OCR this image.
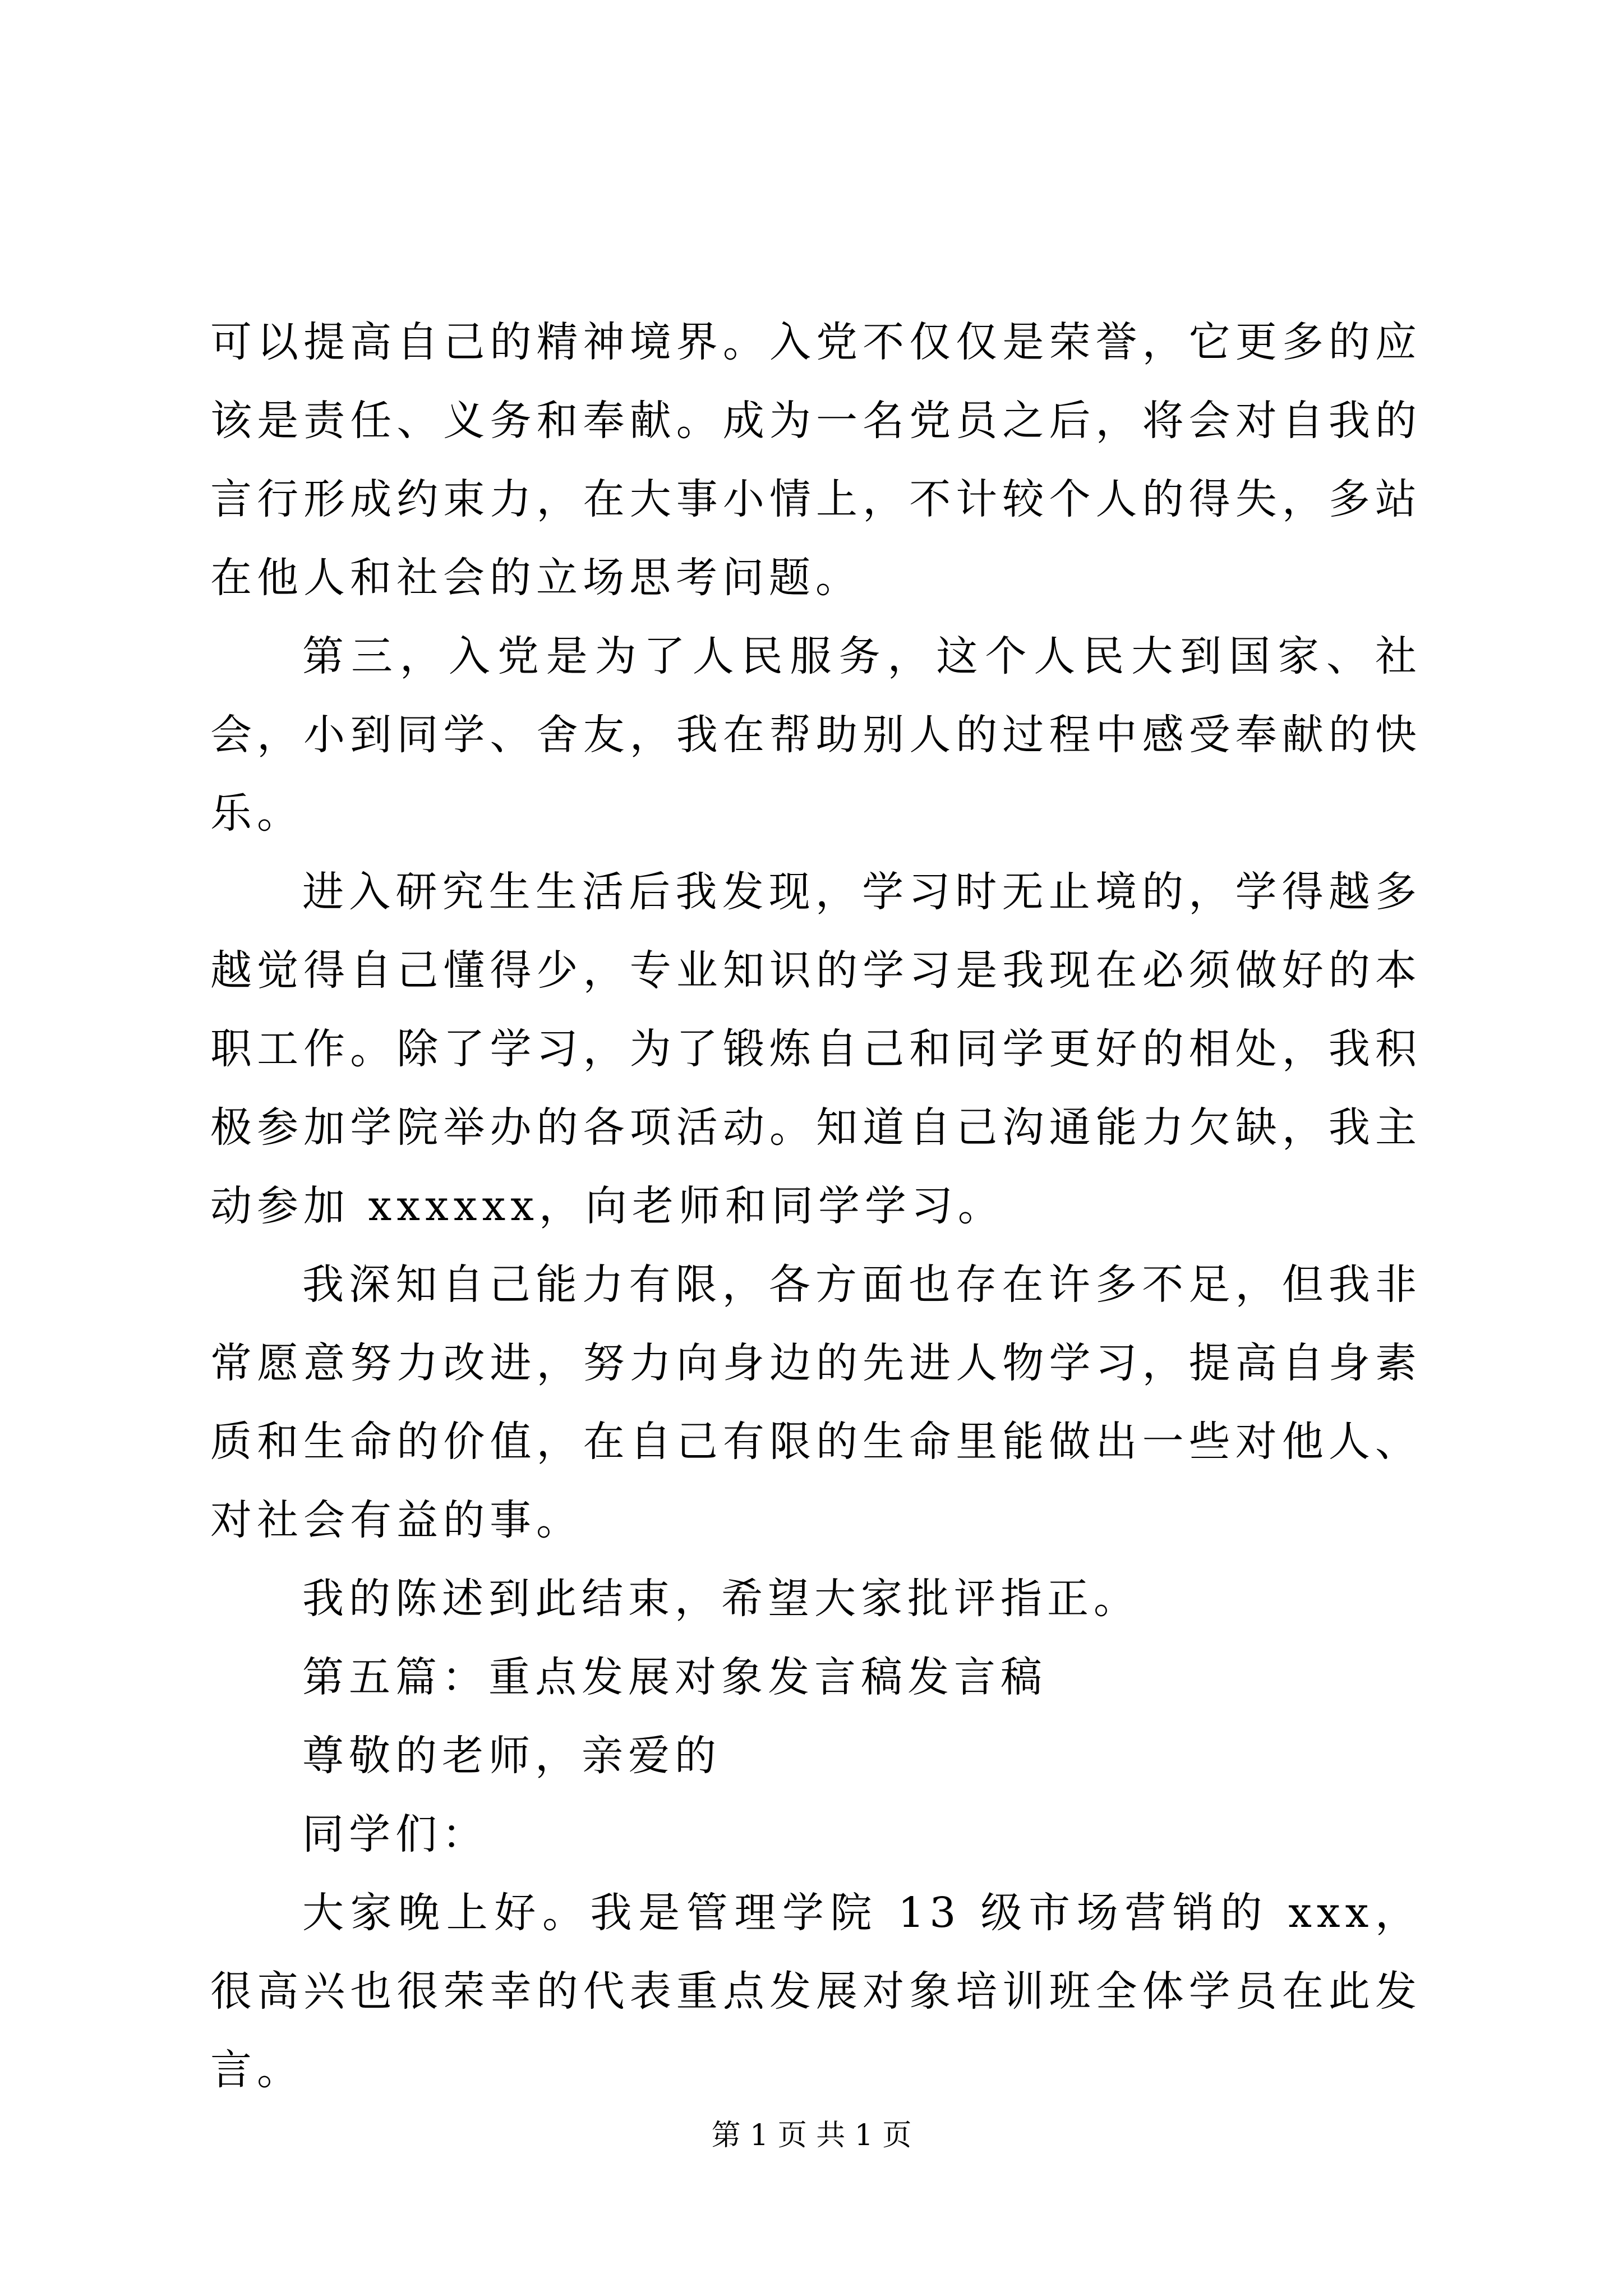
可以提高自己的精神境界。入党不仅仅是荣誉，它更多的应该是责任、义务和奉献。成为一名党员之后，将会对自我的言行形成约束力，在大事小情上，不计较个人的得失，多站在他人和社会的立场思考问题。

第三，入党是为了人民服务，这个人民大到国家、社会，小到同学、舍友，我在帮助别人的过程中感受奉献的快乐。

进入研究生生活后我发现，学习时无止境的，学得越多越觉得自己懂得少，专业知识的学习是我现在必须做好的本职工作。除了学习，为了锻炼自己和同学更好的相处，我积极参加学院举办的各项活动。知道自己沟通能力欠缺，我主动参加 xxxxxx，向老师和同学学习。

我深知自己能力有限，各方面也存在许多不足，但我非常愿意努力改进，努力向身边的先进人物学习，提高自身素质和生命的价值，在自己有限的生命里能做出一些对他人、对社会有益的事。

我的陈述到此结束，希望大家批评指正。

第五篇：重点发展对象发言稿发言稿

尊敬的老师，亲爱的

同学们：

大家晚上好。我是管理学院 13 级市场营销的 xxx，很高兴也很荣幸的代表重点发展对象培训班全体学员在此发言。

第 1 页 共 1 页
